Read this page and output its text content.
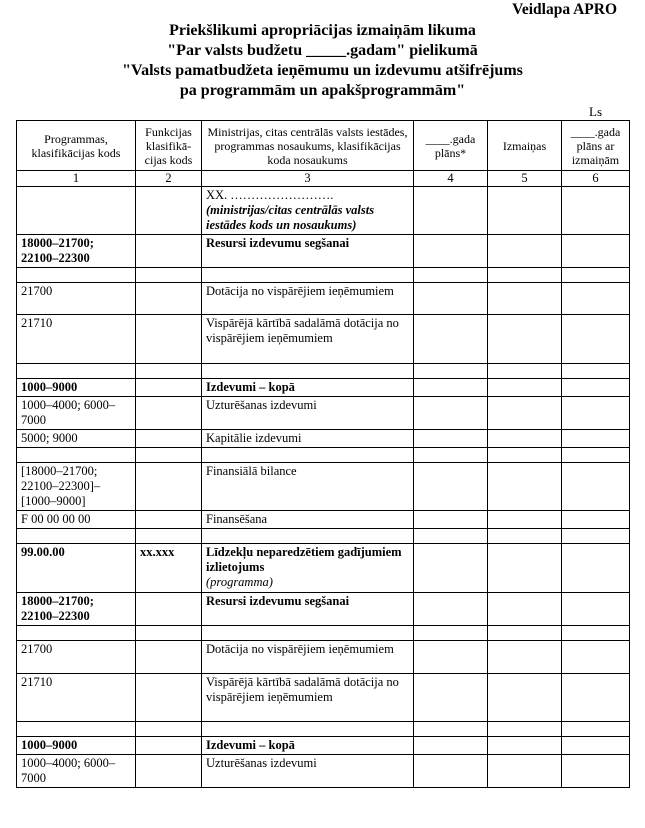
Veidlapa APRO
Priekšlikumi apropriācijas izmaiņām likuma
"Par valsts budžetu _____.gadam" pielikumā
"Valsts pamatbudžeta ieņēmumu un izdevumu atšifrējums
pa programmām un apakšprogrammām"
Ls
Programmas, klasifikācijas kods	Funkcijas klasifikā-cijas kods	Ministrijas, citas centrālās valsts iestādes, programmas nosaukums, klasifikācijas koda nosaukums	____.gada plāns*	Izmaiņas	____.gada plāns ar izmaiņām
1	2	3	4	5	6

		XX. …………………….
(ministrijas/citas centrālās valsts iestādes kods un nosaukums)			

18000–21700; 22100–22300		Resursi izdevumu segšanai			

21700		Dotācija no vispārējiem ieņēmumiem			

21710		Vispārējā kārtībā sadalāmā dotācija no vispārējiem ieņēmumiem			

1000–9000		Izdevumi – kopā			

1000–4000; 6000–7000		Uzturēšanas izdevumi			

5000; 9000		Kapitālie izdevumi			

[18000–21700; 22100–22300]– [1000–9000]		Finansiālā bilance			

F 00 00 00 00		Finansēšana			

99.00.00	xx.xxx	Līdzekļu neparedzētiem gadījumiem izlietojums
(programma)			

18000–21700; 22100–22300		Resursi izdevumu segšanai			

21700		Dotācija no vispārējiem ieņēmumiem			

21710		Vispārējā kārtībā sadalāmā dotācija no vispārējiem ieņēmumiem			

1000–9000		Izdevumi – kopā			

1000–4000; 6000–7000		Uzturēšanas izdevumi			
